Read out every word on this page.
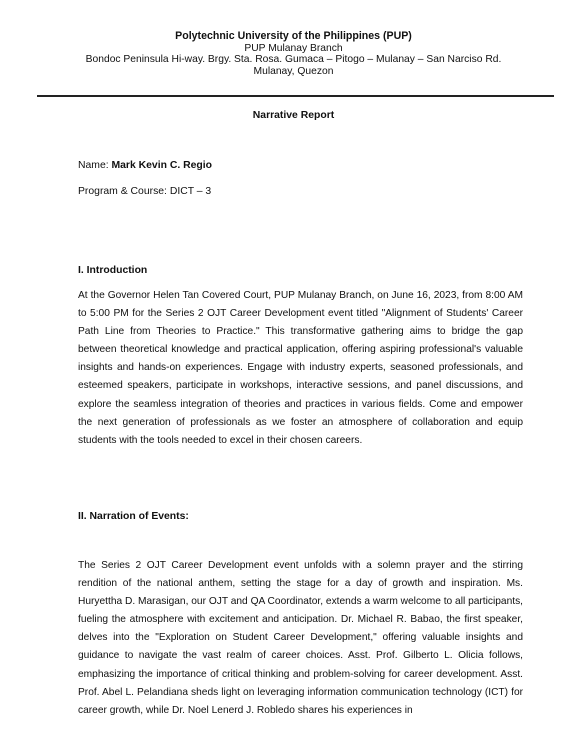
Polytechnic University of the Philippines (PUP)
PUP Mulanay Branch
Bondoc Peninsula Hi-way. Brgy. Sta. Rosa. Gumaca – Pitogo – Mulanay – San Narciso Rd.
Mulanay, Quezon
Narrative Report
Name: Mark Kevin C. Regio
Program & Course: DICT – 3
I. Introduction
At the Governor Helen Tan Covered Court, PUP Mulanay Branch, on June 16, 2023, from 8:00 AM to 5:00 PM for the Series 2 OJT Career Development event titled "Alignment of Students' Career Path Line from Theories to Practice." This transformative gathering aims to bridge the gap between theoretical knowledge and practical application, offering aspiring professional's valuable insights and hands-on experiences. Engage with industry experts, seasoned professionals, and esteemed speakers, participate in workshops, interactive sessions, and panel discussions, and explore the seamless integration of theories and practices in various fields. Come and empower the next generation of professionals as we foster an atmosphere of collaboration and equip students with the tools needed to excel in their chosen careers.
II. Narration of Events:
The Series 2 OJT Career Development event unfolds with a solemn prayer and the stirring rendition of the national anthem, setting the stage for a day of growth and inspiration. Ms. Huryettha D. Marasigan, our OJT and QA Coordinator, extends a warm welcome to all participants, fueling the atmosphere with excitement and anticipation. Dr. Michael R. Babao, the first speaker, delves into the "Exploration on Student Career Development," offering valuable insights and guidance to navigate the vast realm of career choices. Asst. Prof. Gilberto L. Olicia follows, emphasizing the importance of critical thinking and problem-solving for career development. Asst. Prof. Abel L. Pelandiana sheds light on leveraging information communication technology (ICT) for career growth, while Dr. Noel Lenerd J. Robledo shares his experiences in
